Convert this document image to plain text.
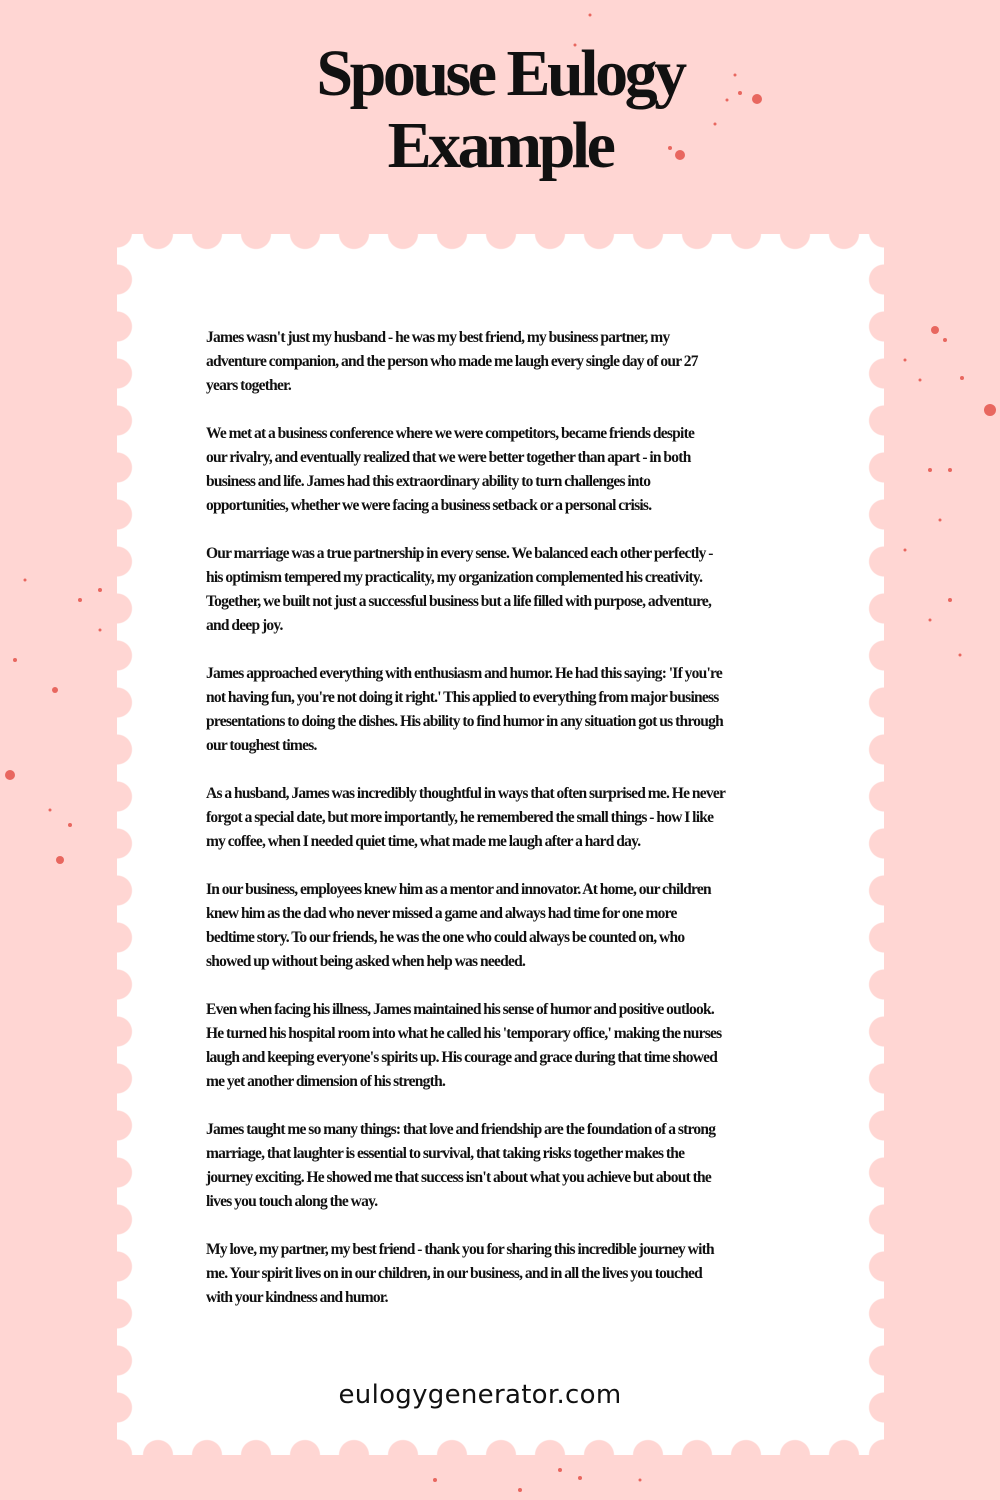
Spouse Eulogy
Example

James wasn't just my husband - he was my best friend, my business partner, my
adventure companion, and the person who made me laugh every single day of our 27
years together.

We met at a business conference where we were competitors, became friends despite
our rivalry, and eventually realized that we were better together than apart - in both
business and life. James had this extraordinary ability to turn challenges into
opportunities, whether we were facing a business setback or a personal crisis.

Our marriage was a true partnership in every sense. We balanced each other perfectly -
his optimism tempered my practicality, my organization complemented his creativity.
Together, we built not just a successful business but a life filled with purpose, adventure,
and deep joy.

James approached everything with enthusiasm and humor. He had this saying: 'If you're
not having fun, you're not doing it right.' This applied to everything from major business
presentations to doing the dishes. His ability to find humor in any situation got us through
our toughest times.

As a husband, James was incredibly thoughtful in ways that often surprised me. He never
forgot a special date, but more importantly, he remembered the small things - how I like
my coffee, when I needed quiet time, what made me laugh after a hard day.

In our business, employees knew him as a mentor and innovator. At home, our children
knew him as the dad who never missed a game and always had time for one more
bedtime story. To our friends, he was the one who could always be counted on, who
showed up without being asked when help was needed.

Even when facing his illness, James maintained his sense of humor and positive outlook.
He turned his hospital room into what he called his 'temporary office,' making the nurses
laugh and keeping everyone's spirits up. His courage and grace during that time showed
me yet another dimension of his strength.

James taught me so many things: that love and friendship are the foundation of a strong
marriage, that laughter is essential to survival, that taking risks together makes the
journey exciting. He showed me that success isn't about what you achieve but about the
lives you touch along the way.

My love, my partner, my best friend - thank you for sharing this incredible journey with
me. Your spirit lives on in our children, in our business, and in all the lives you touched
with your kindness and humor.

eulogygenerator.com
